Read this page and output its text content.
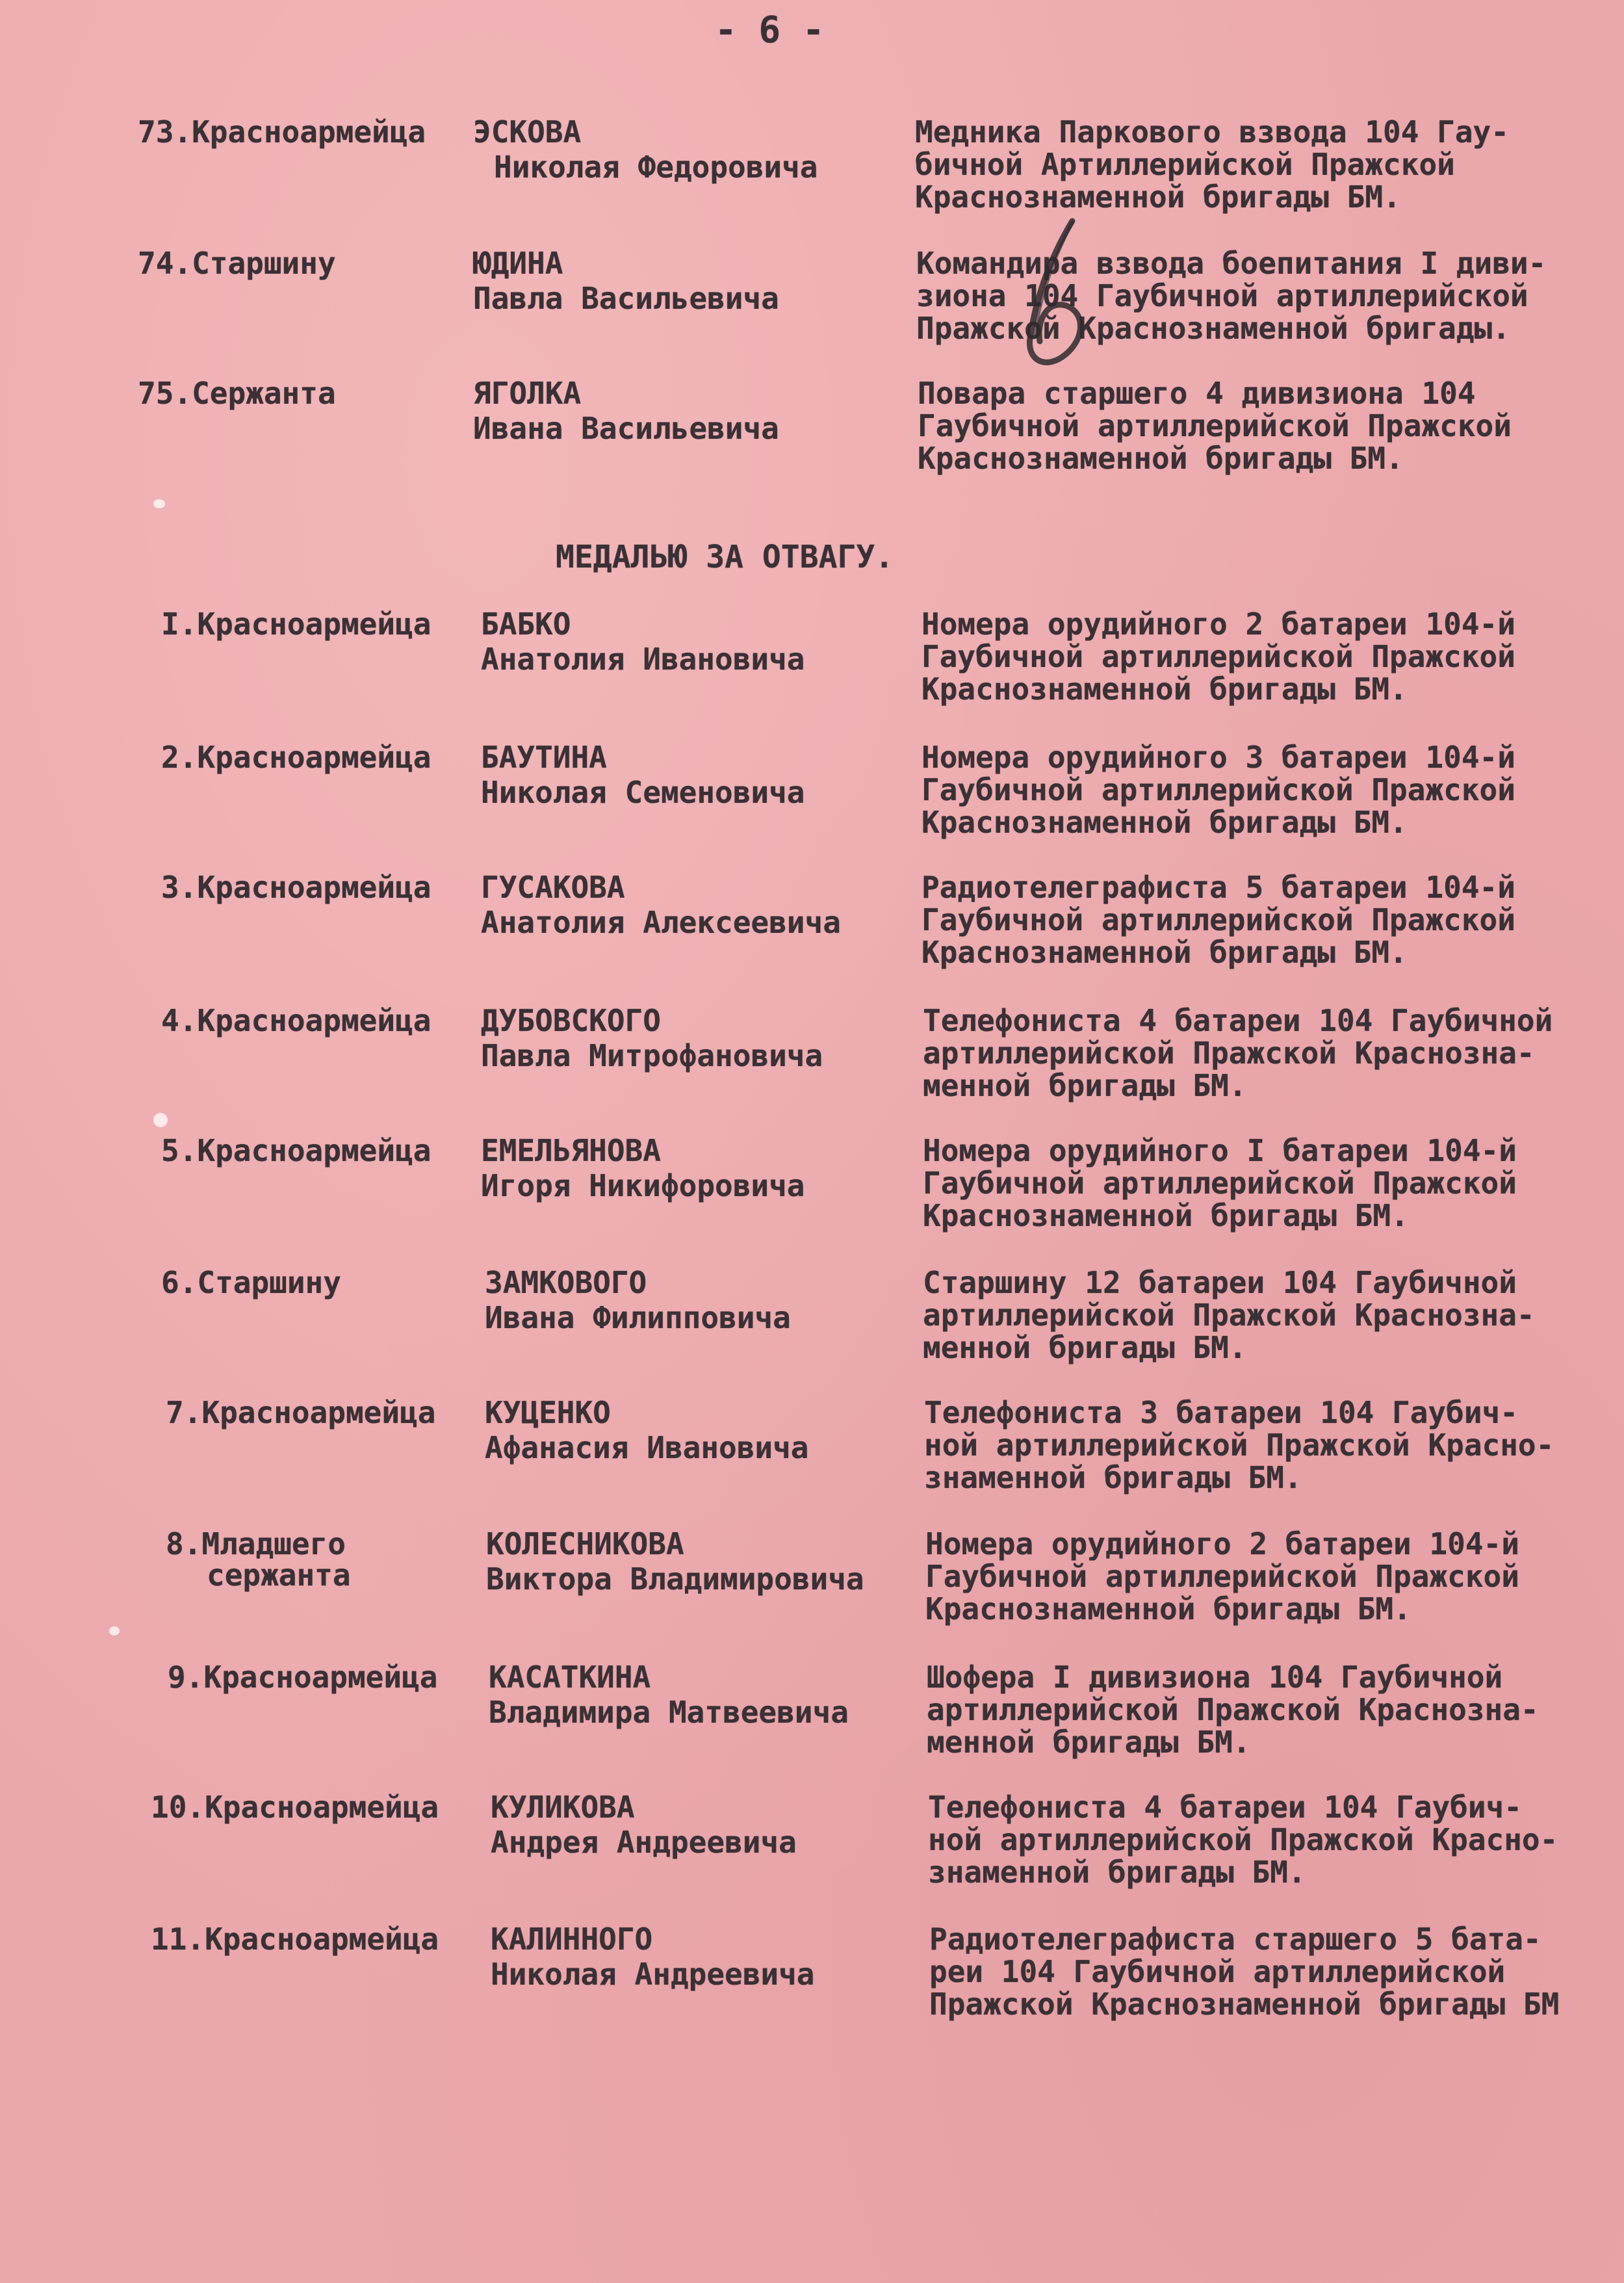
- 6 -
73.Красноармейца ЭСКОВА
Николая Федоровича
Медника Паркового взвода 104 Гау-
бичной Артиллерийской Пражской
Краснознаменной бригады БМ.
74.Старшину	ЮДИНА
Павла Васильевича
Командира взвода боепитания I диви-
зиона 104 Гаубичной артиллерийской
Пражской Краснознаменной бригады.
75.Сержанта	ЯГОЛКА
Ивана Васильевича
Повара старшего 4 дивизиона 104
Гаубичной артиллерийской Пражской
Краснознаменной бригады БМ.
МЕДАЛЬЮ ЗА ОТВАГУ.
I.Красноармейца БАБКО
Анатолия Ивановича
Номера орудийного 2 батареи 104-й
Гаубичной артиллерийской Пражской
Краснознаменной бригады БМ.
2.Красноармейца БАУТИНА
Николая Семеновича
Номера орудийного 3 батареи 104-й
Гаубичной артиллерийской Пражской
Краснознаменной бригады БМ.
3.Красноармейца ГУСАКОВА
Анатолия Алексеевича
Радиотелеграфиста 5 батареи 104-й
Гаубичной артиллерийской Пражской
Краснознаменной бригады БМ.
4.Красноармейца ДУБОВСКОГО
Павла Митрофановича
Телефониста 4 батареи 104 Гаубичной
артиллерийской Пражской Краснозна-
менной бригады БМ.
5.Красноармейца ЕМЕЛЬЯНОВА
Игоря Никифоровича
Номера орудийного I батареи 104-й
Гаубичной артиллерийской Пражской
Краснознаменной бригады БМ.
6.Старшину	ЗАМКОВОГО
Ивана Филипповича
Старшину 12 батареи 104 Гаубичной
артиллерийской Пражской Краснозна-
менной бригады БМ.
7.Красноармейца КУЦЕНКО
Афанасия Ивановича
Телефониста 3 батареи 104 Гаубич-
ной артиллерийской Пражской Красно-
знаменной бригады БМ.
8.Младшего
сержанта
КОЛЕСНИКОВА
Виктора Владимировича
Номера орудийного 2 батареи 104-й
Гаубичной артиллерийской Пражской
Краснознаменной бригады БМ.
9.Красноармейца КАСАТКИНА
Владимира Матвеевича
Шофера I дивизиона 104 Гаубичной
артиллерийской Пражской Краснозна-
менной бригады БМ.
10.Красноармейца КУЛИКОВА
Андрея Андреевича
Телефониста 4 батареи 104 Гаубич-
ной артиллерийской Пражской Красно-
знаменной бригады БМ.
11.Красноармейца КАЛИННОГО
Николая Андреевича
Радиотелеграфиста старшего 5 бата-
реи 104 Гаубичной артиллерийской
Пражской Краснознаменной бригады БМ
